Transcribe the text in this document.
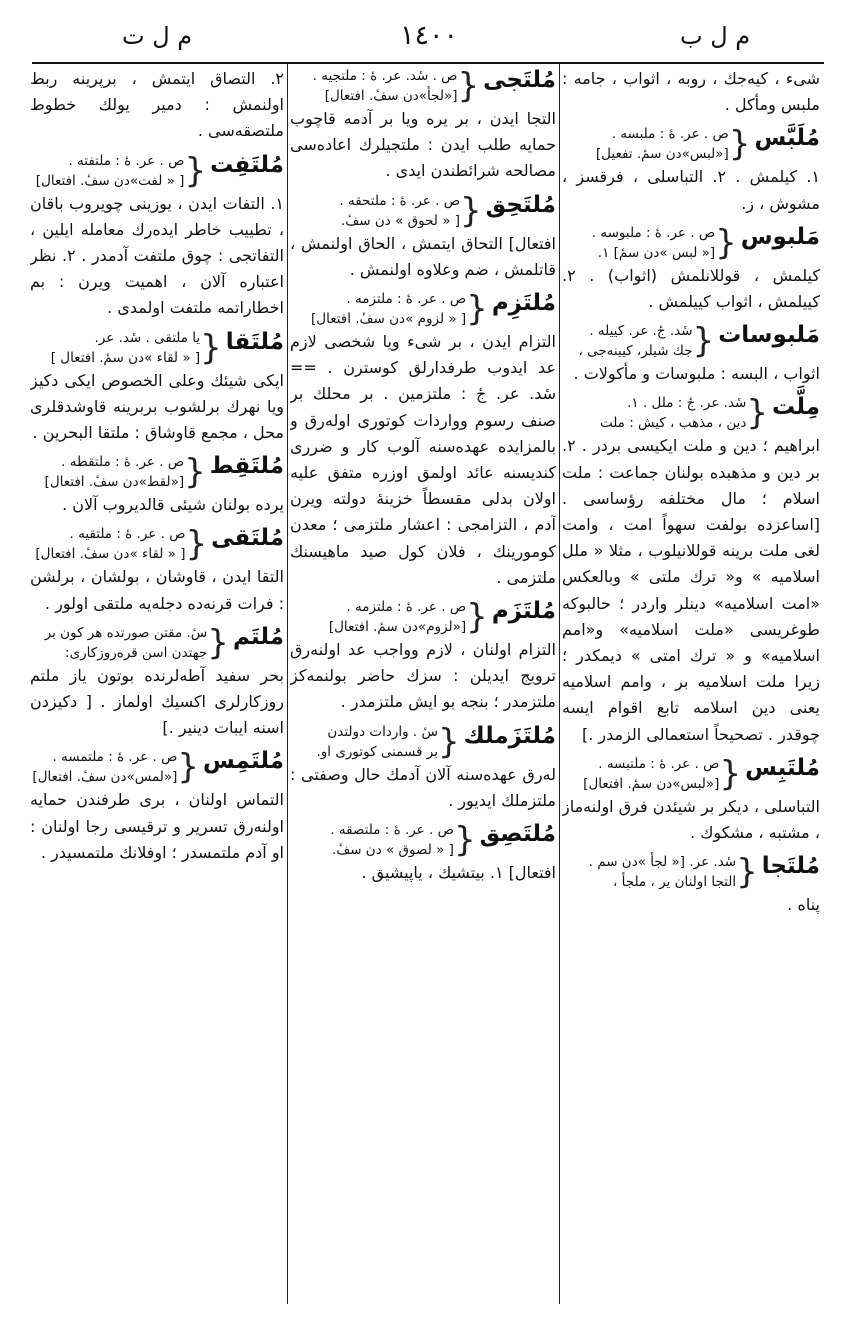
م ل ت	١٤٠٠	م ل ب
شیء ، کیه‌جك ، روبه ، اثواب ، جامه : ملبس ومأکل .
مُلَبَّس
{
ص . عر. ۀ : ملبسه .
[«لبس»دن سمٔ. تفعیل]
١. کیلمش . ٢. التباسلی ، فرقسز ، مشوش ، ز.
مَلبوس
{
ص . عر. ۀ : ملبوسه .
[« لبس »دن سمٔ] ١.
کیلمش ، قوللانلمش (اثواب) . ٢. کییلمش ، اثواب کییلمش .
مَلبوسات
{
سٔد. جٔ. عر. کییله .
جك شیلر، کیینه‌جی ،
اثواب ، البسه : ملبوسات و مأکولات .
مِلَّت
{
سٔد. عر. جٔ : ملل . ١.
دین ، مذهب ، کیش : ملت
ابراهیم ؛ دین و ملت ایکیسی بردر . ٢. بر دین و مذهبده بولنان جماعت : ملت اسلام ؛ مال مختلفه رؤساسی . [اساعزده بولفت سهواً امت ، وامت لغی ملت برینه قوللانیلوب ، مثلا « ملل اسلامیه » و« ترك ملتی » وبالعکس «امت اسلامیه» دینلر واردر ؛ حالبوکه طوغریسی «ملت اسلامیه» و«امم اسلامیه» و « ترك امتی » دیمکدر ؛ زیرا ملت اسلامیه بر ، وامم اسلامیه یعنی دین اسلامه تابع اقوام ایسه چوقدر . تصحیحاً استعمالی الزمدر .]
مُلتَبِس
{
ص . عر. ۀ : ملتبسه .
[«لبس»دن سمٔ. افتعال]
التباسلی ، دیکر بر شیئدن فرق اولنه‌ماز ، مشتبه ، مشکوك .
مُلتَجا
{
سٔد. عر. [« لجأ »دن سم .
التجا اولنان یر ، ملجأ ،
پناه .
مُلتَجی
{
ص . سٔد. عر. ۀ : ملتجیه .
[«لجأ»دن سفٔ. افتعال]
التجا ایدن ، بر یره ویا بر آدمه قاچوب حمایه طلب ایدن : ملتجیلرك اعاده‌سی مصالحه شرائطندن ایدی .
مُلتَحِق
{
ص . عر. ۀ : ملتحقه .
[ « لحوق » دن سفٔ.
افتعال] التحاق ایتمش ، الحاق اولنمش ، قاتلمش ، ضم وعلاوه اولنمش .
مُلتَزِم
{
ص . عر. ۀ : ملتزمه .
[ « لزوم »دن سفٔ. افتعال]
التزام ایدن ، بر شیء ویا شخصی لازم عد ایدوب طرفدارلق کوسترن . == سٔد. عر. جٔ : ملتزمین . بر محلك بر صنف رسوم وواردات کوتوری اوله‌رق و بالمزایده عهده‌سنه آلوب کار و ضرری کندیسنه عائد اولمق اوزره متفق علیه اولان بدلی مقسطاً خزینهٔ دولته ویرن آدم ، التزامجی : اعشار ملتزمی ؛ معدن کومورینك ، فلان کول صید ماهیسنك ملتزمی .
مُلتَزَم
{
ص . عر. ۀ : ملتزمه .
[«لزوم»دن سمٔ. افتعال]
التزام اولنان ، لازم وواجب عد اولنه‌رق ترویج ایدیلن : سزك حاضر بولنمه‌کز ملتزمدر ؛ بنجه بو ایش ملتزمدر .
مُلتَزَملك
{
سٔ . واردات دولتدن
بر قسمنی کوتوری او.
له‌رق عهده‌سنه آلان آدمك حال وصفتی : ملتزملك ایدیور .
مُلتَصِق
{
ص . عر. ۀ : ملتصقه .
[ « لصوق » دن سفٔ.
افتعال] ١. بیتشیك ، یاپیشیق .
٢. التصاق ایتمش ، برپرینه ربط اولنمش : دمیر یولك خطوط ملتصقه‌سی .
مُلتَفِت
{
ص . عر. ۀ : ملتفته .
[ « لفت»دن سفٔ. افتعال]
١. التفات ایدن ، یوزینی چویروب باقان ، تطییب خاطر ایده‌رك معامله ایلین ، التفاتجی : چوق ملتفت آدمدر . ٢. نظر اعتباره آلان ، اهمیت ویرن : بم اخطاراتمه ملتفت اولمدی .
مُلتَقا
{
یا ملتقی . سٔد. عر.
[ « لقاء »دن سمٔ. افتعال ]
ایکی شیئك وعلی الخصوص ایکی دکیز ویا نهرك برلشوب بربرینه قاوشدقلری محل ، مجمع قاوشاق : ملتقا البحرین .
مُلتَقِط
{
ص . عر. ۀ : ملتقطه .
[«لقط»دن سفٔ. افتعال]
یرده بولنان شیئی قالدیروب آلان .
مُلتَقی
{
ص . عر. ۀ : ملتقیه .
[ « لقاء »دن سفٔ. افتعال]
التقا ایدن ، قاوشان ، بولشان ، برلشن : فرات قرنه‌ده دجله‌یه ملتقی اولور .
مُلتَم
{
سٔ. مقتن صورتده هر کون بر
جهتدن اسن قره‌روزکاری:
بحر سفید آطه‌لرنده بوتون یاز ملتم روزکارلری اکسیك اولماز . [ دکیزدن اسنه ایبات دینیر .]
مُلتَمِس
{
ص . عر. ۀ : ملتمسه .
[«لمس»دن سفٔ. افتعال]
التماس اولنان ، بری طرفندن حمایه اولنه‌رق تسریر و ترقیسی رجا اولنان : او آدم ملتمسدر ؛ اوفلانك ملتمسیدر .
